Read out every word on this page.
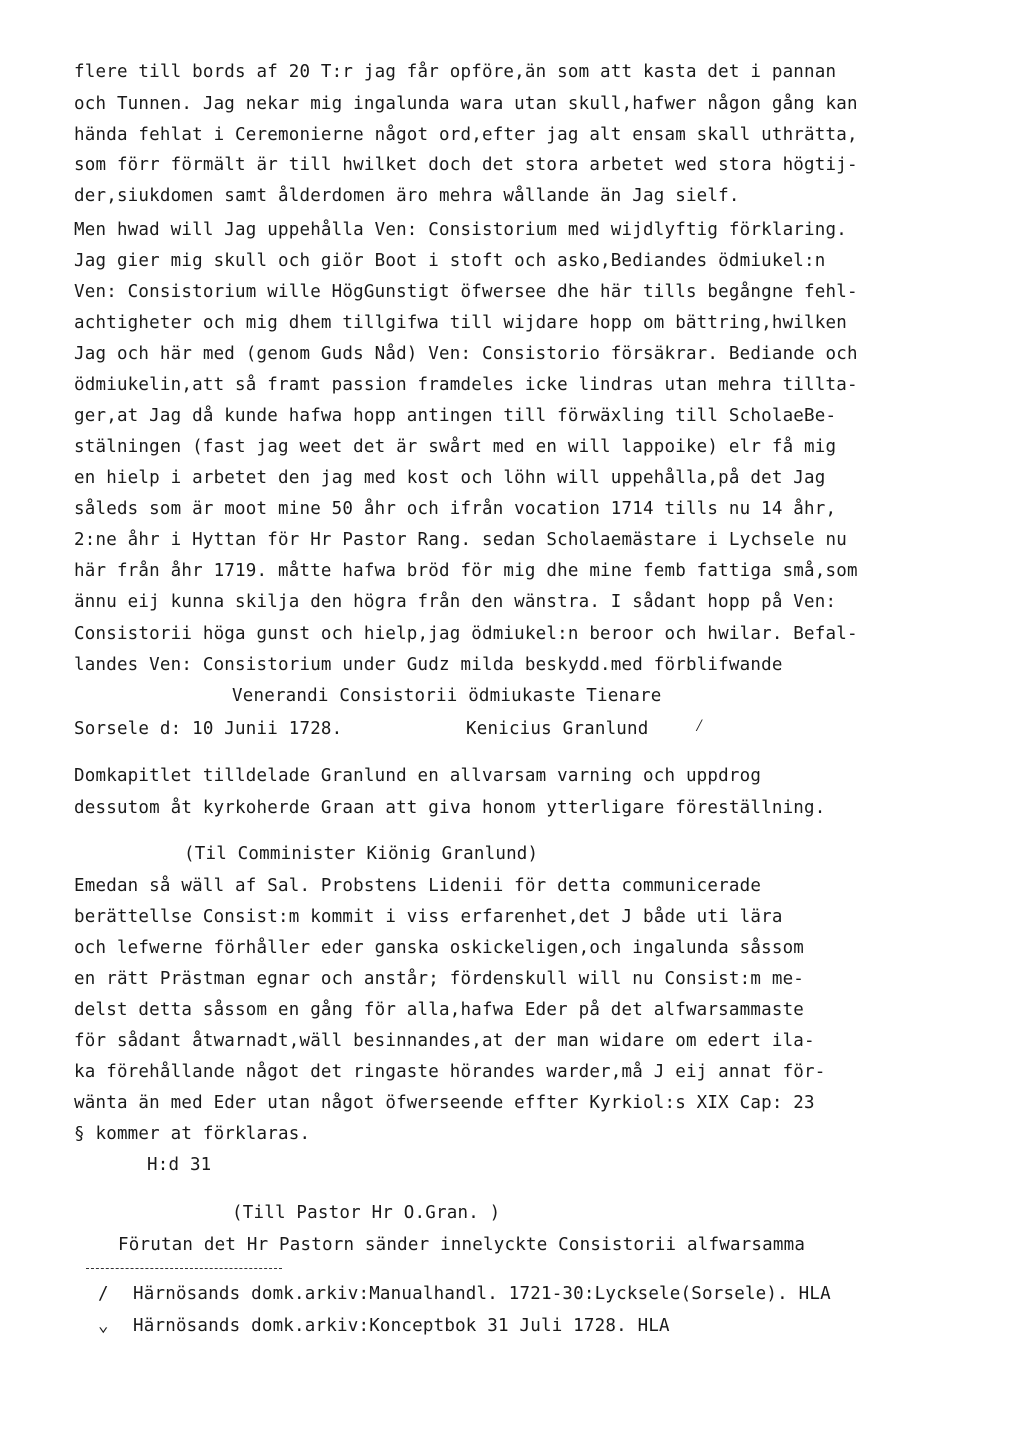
flere till bords af 20 T:r jag får opföre,än som att kasta det i pannan
och Tunnen. Jag nekar mig ingalunda wara utan skull,hafwer någon gång kan
hända fehlat i Ceremonierne något ord,efter jag alt ensam skall uthrätta,
som förr förmält är till hwilket doch det stora arbetet wed stora högtij-
der,siukdomen samt ålderdomen äro mehra wållande än Jag sielf.
Men hwad will Jag uppehålla Ven: Consistorium med wijdlyftig förklaring.
Jag gier mig skull och giör Boot i stoft och asko,Bediandes ödmiukel:n
Ven: Consistorium wille HögGunstigt öfwersee dhe här tills begångne fehl-
achtigheter och mig dhem tillgifwa till wijdare hopp om bättring,hwilken
Jag och här med (genom Guds Nåd) Ven: Consistorio försäkrar. Bediande och
ödmiukelin,att så framt passion framdeles icke lindras utan mehra tillta-
ger,at Jag då kunde hafwa hopp antingen till förwäxling till ScholaeBe-
stälningen (fast jag weet det är swårt med en will lappoike) elr få mig
en hielp i arbetet den jag med kost och löhn will uppehålla,på det Jag
såleds som är moot mine 50 åhr och ifrån vocation 1714 tills nu 14 åhr,
2:ne åhr i Hyttan för Hr Pastor Rang. sedan Scholaemästare i Lychsele nu
här från åhr 1719. måtte hafwa bröd för mig dhe mine femb fattiga små,som
ännu eij kunna skilja den högra från den wänstra. I sådant hopp på Ven:
Consistorii höga gunst och hielp,jag ödmiukel:n beroor och hwilar. Befal-
landes Ven: Consistorium under Gudz milda beskydd.med förblifwande
Venerandi Consistorii ödmiukaste Tienare
Sorsele d: 10 Junii 1728.	Kenicius Granlund	⁄
Domkapitlet tilldelade Granlund en allvarsam varning och uppdrog
dessutom åt kyrkoherde Graan att giva honom ytterligare föreställning.
(Til Comminister Kiönig Granlund)
Emedan så wäll af Sal. Probstens Lidenii för detta communicerade
berättellse Consist:m kommit i viss erfarenhet,det J både uti lära
och lefwerne förhåller eder ganska oskickeligen,och ingalunda såssom
en rätt Prästman egnar och anstår; fördenskull will nu Consist:m me-
delst detta såssom en gång för alla,hafwa Eder på det alfwarsammaste
för sådant åtwarnadt,wäll besinnandes,at der man widare om edert ila-
ka förehållande något det ringaste hörandes warder,må J eij annat för-
wänta än med Eder utan något öfwerseende effter Kyrkiol:s XIX Cap: 23
§ kommer at förklaras.
H:d 31
(Till Pastor Hr O.Gran. )
Förutan det Hr Pastorn sänder innelyckte Consistorii alfwarsamma
/	Härnösands domk.arkiv:Manualhandl. 1721-30:Lycksele(Sorsele). HLA
⌄	Härnösands domk.arkiv:Konceptbok 31 Juli 1728. HLA
